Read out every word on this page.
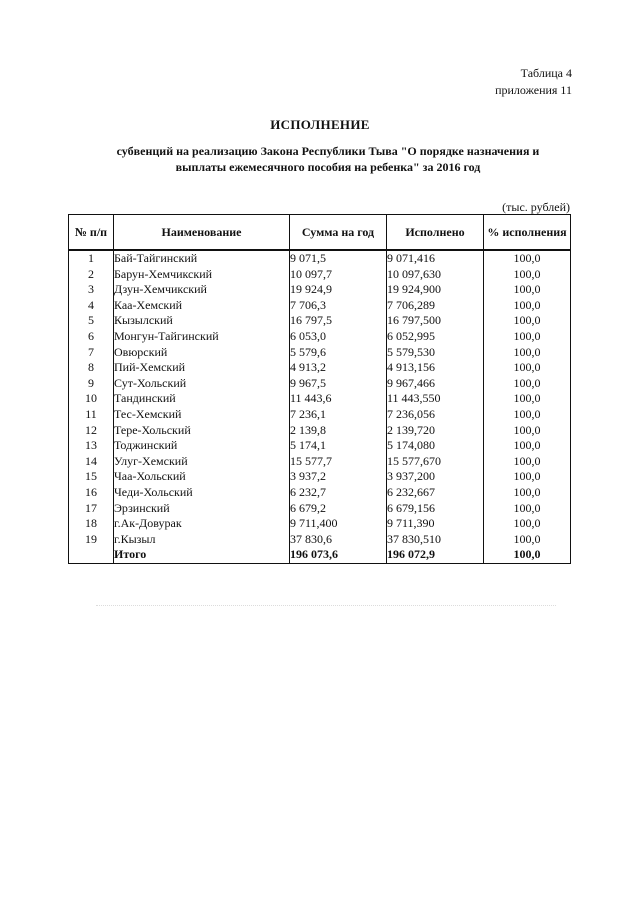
Таблица 4
приложения 11
ИСПОЛНЕНИЕ
субвенций на реализацию Закона Республики Тыва "О порядке назначения и
выплаты ежемесячного пособия на ребенка" за 2016 год
(тыс. рублей)
№ п/п	Наименование	Сумма на год	Исполнено	% исполнения
1	Бай-Тайгинский	9 071,5	9 071,416	100,0
2	Барун-Хемчикский	10 097,7	10 097,630	100,0
3	Дзун-Хемчикский	19 924,9	19 924,900	100,0
4	Каа-Хемский	7 706,3	7 706,289	100,0
5	Кызылский	16 797,5	16 797,500	100,0
6	Монгун-Тайгинский	6 053,0	6 052,995	100,0
7	Овюрский	5 579,6	5 579,530	100,0
8	Пий-Хемский	4 913,2	4 913,156	100,0
9	Сут-Хольский	9 967,5	9 967,466	100,0
10	Тандинский	11 443,6	11 443,550	100,0
11	Тес-Хемский	7 236,1	7 236,056	100,0
12	Тере-Хольский	2 139,8	2 139,720	100,0
13	Тоджинский	5 174,1	5 174,080	100,0
14	Улуг-Хемский	15 577,7	15 577,670	100,0
15	Чаа-Хольский	3 937,2	3 937,200	100,0
16	Чеди-Хольский	6 232,7	6 232,667	100,0
17	Эрзинский	6 679,2	6 679,156	100,0
18	г.Ак-Довурак	9 711,400	9 711,390	100,0
19	г.Кызыл	37 830,6	37 830,510	100,0
	Итого	196 073,6	196 072,9	100,0
